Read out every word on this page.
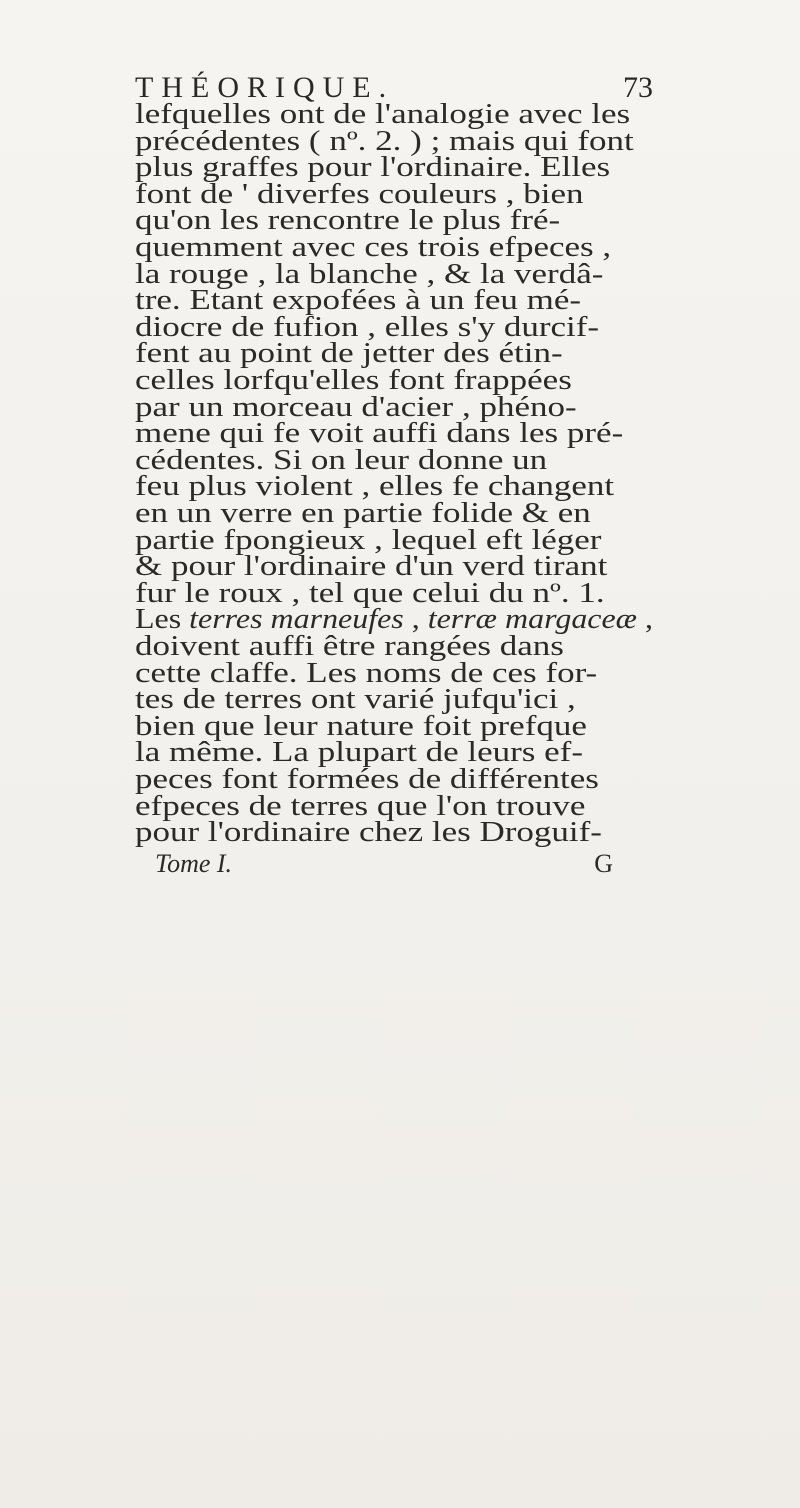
THÉORIQUE.	73
lefquelles ont de l'analogie avec les
précédentes ( nº. 2. ) ; mais qui font
plus graffes pour l'ordinaire. Elles
font de ' diverfes couleurs , bien
qu'on les rencontre le plus fré-
quemment avec ces trois efpeces ,
la rouge , la blanche , & la verdâ-
tre. Etant expofées à un feu mé-
diocre de fufion , elles s'y durcif-
fent au point de jetter des étin-
celles lorfqu'elles font frappées
par un morceau d'acier , phéno-
mene qui fe voit auffi dans les pré-
cédentes. Si on leur donne un
feu plus violent , elles fe changent
en un verre en partie folide & en
partie fpongieux , lequel eft léger
& pour l'ordinaire d'un verd tirant
fur le roux , tel que celui du nº. 1.
Les terres marneufes , terræ margaceæ ,
doivent auffi être rangées dans
cette claffe. Les noms de ces for-
tes de terres ont varié jufqu'ici ,
bien que leur nature foit prefque
la même. La plupart de leurs ef-
peces font formées de différentes
efpeces de terres que l'on trouve
pour l'ordinaire chez les Droguif-
Tome I.	G
